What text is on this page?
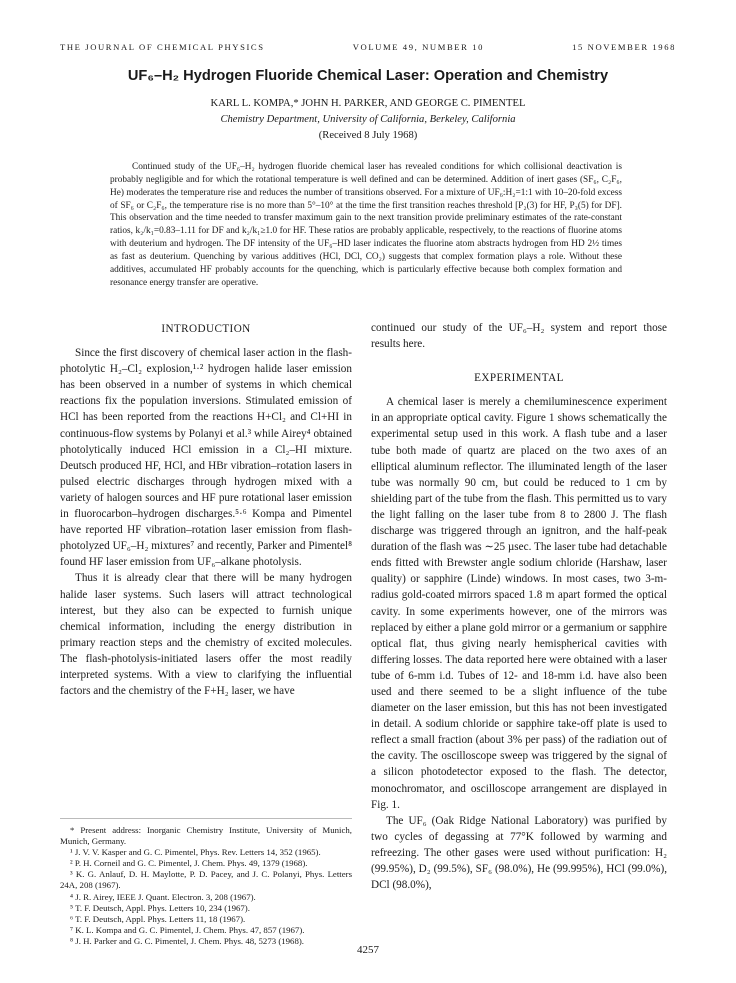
THE JOURNAL OF CHEMICAL PHYSICS	VOLUME 49, NUMBER 10	15 NOVEMBER 1968
UF₆–H₂ Hydrogen Fluoride Chemical Laser: Operation and Chemistry
KARL L. KOMPA,* JOHN H. PARKER, AND GEORGE C. PIMENTEL
Chemistry Department, University of California, Berkeley, California
(Received 8 July 1968)
Continued study of the UF₆–H₂ hydrogen fluoride chemical laser has revealed conditions for which collisional deactivation is probably negligible and for which the rotational temperature is well defined and can be determined. Addition of inert gases (SF₆, C₂F₆, He) moderates the temperature rise and reduces the number of transitions observed. For a mixture of UF₆:H₂=1:1 with 10–20-fold excess of SF₆ or C₂F₆, the temperature rise is no more than 5°–10° at the time the first transition reaches threshold [P₂(3) for HF, P₃(5) for DF]. This observation and the time needed to transfer maximum gain to the next transition provide preliminary estimates of the rate-constant ratios, k₂/k₁=0.83–1.11 for DF and k₂/k₁≥1.0 for HF. These ratios are probably applicable, respectively, to the reactions of fluorine atoms with deuterium and hydrogen. The DF intensity of the UF₆–HD laser indicates the fluorine atom abstracts hydrogen from HD 2½ times as fast as deuterium. Quenching by various additives (HCl, DCl, CO₂) suggests that complex formation plays a role. Without these additives, accumulated HF probably accounts for the quenching, which is particularly effective because both complex formation and resonance energy transfer are operative.
INTRODUCTION

Since the first discovery of chemical laser action in the flash-photolytic H₂–Cl₂ explosion,¹·² hydrogen halide laser emission has been observed in a number of systems in which chemical reactions fix the population inversions. Stimulated emission of HCl has been reported from the reactions H+Cl₂ and Cl+HI in continuous-flow systems by Polanyi et al.³ while Airey⁴ obtained photolytically induced HCl emission in a Cl₂–HI mixture. Deutsch produced HF, HCl, and HBr vibration–rotation lasers in pulsed electric discharges through hydrogen mixed with a variety of halogen sources and HF pure rotational laser emission in fluorocarbon–hydrogen discharges.⁵·⁶ Kompa and Pimentel have reported HF vibration–rotation laser emission from flash-photolyzed UF₆–H₂ mixtures⁷ and recently, Parker and Pimentel⁸ found HF laser emission from UF₆–alkane photolysis.

Thus it is already clear that there will be many hydrogen halide laser systems. Such lasers will attract technological interest, but they also can be expected to furnish unique chemical information, including the energy distribution in primary reaction steps and the chemistry of excited molecules. The flash-photolysis-initiated lasers offer the most readily interpreted systems. With a view to clarifying the influential factors and the chemistry of the F+H₂ laser, we have

* Present address: Inorganic Chemistry Institute, University of Munich, Munich, Germany.
¹ J. V. V. Kasper and G. C. Pimentel, Phys. Rev. Letters 14, 352 (1965).
² P. H. Corneil and G. C. Pimentel, J. Chem. Phys. 49, 1379 (1968).
³ K. G. Anlauf, D. H. Maylotte, P. D. Pacey, and J. C. Polanyi, Phys. Letters 24A, 208 (1967).
⁴ J. R. Airey, IEEE J. Quant. Electron. 3, 208 (1967).
⁵ T. F. Deutsch, Appl. Phys. Letters 10, 234 (1967).
⁶ T. F. Deutsch, Appl. Phys. Letters 11, 18 (1967).
⁷ K. L. Kompa and G. C. Pimentel, J. Chem. Phys. 47, 857 (1967).
⁸ J. H. Parker and G. C. Pimentel, J. Chem. Phys. 48, 5273 (1968).

continued our study of the UF₆–H₂ system and report those results here.

EXPERIMENTAL

A chemical laser is merely a chemiluminescence experiment in an appropriate optical cavity. Figure 1 shows schematically the experimental setup used in this work. A flash tube and a laser tube both made of quartz are placed on the two axes of an elliptical aluminum reflector. The illuminated length of the laser tube was normally 90 cm, but could be reduced to 1 cm by shielding part of the tube from the flash. This permitted us to vary the light falling on the laser tube from 8 to 2800 J. The flash discharge was triggered through an ignitron, and the half-peak duration of the flash was ∼25 µsec. The laser tube had detachable ends fitted with Brewster angle sodium chloride (Harshaw, laser quality) or sapphire (Linde) windows. In most cases, two 3-m-radius gold-coated mirrors spaced 1.8 m apart formed the optical cavity. In some experiments however, one of the mirrors was replaced by either a plane gold mirror or a germanium or sapphire optical flat, thus giving nearly hemispherical cavities with differing losses. The data reported here were obtained with a laser tube of 6-mm i.d. Tubes of 12- and 18-mm i.d. have also been used and there seemed to be a slight influence of the tube diameter on the laser emission, but this has not been investigated in detail. A sodium chloride or sapphire take-off plate is used to reflect a small fraction (about 3% per pass) of the radiation out of the cavity. The oscilloscope sweep was triggered by the signal of a silicon photodetector exposed to the flash. The detector, monochromator, and oscilloscope arrangement are displayed in Fig. 1.

The UF₆ (Oak Ridge National Laboratory) was purified by two cycles of degassing at 77°K followed by warming and refreezing. The other gases were used without purification: H₂ (99.95%), D₂ (99.5%), SF₆ (98.0%), He (99.995%), HCl (99.0%), DCl (98.0%),

4257
